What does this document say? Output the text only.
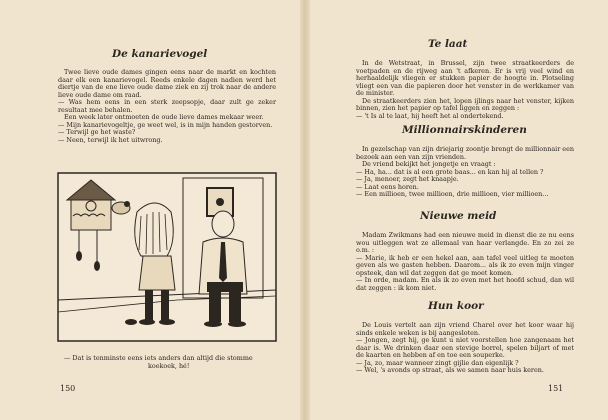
De kanarievogel

Twee lieve oude dames gingen eens naar de markt en kochten daar elk een kanarievogel. Reeds enkele dagen nadien werd het diertje van de ene lieve oude dame ziek en zij trok naar de andere lieve oude dame om raad.

— Was hem eens in een sterk zeepsopje, daar zult ge zeker resultaat mee behalen.

Een week later ontmoeten de oude lieve dames mekaar weer.

— Mijn kanarievogeltje, ge weet wel, is in mijn handen gestorven.

— Terwijl ge het waste?

— Neen, terwijl ik het uitwrong.

— Dat is tenminste eens iets anders dan altijd die stomme
koekoek, hé!
150
Te laat

In de Wetstraat, in Brussel, zijn twee straatkeerders de voetpaden en de rijweg aan 't afkeren. Er is vrij veel wind en herhaaldelijk vliegen er stukken papier de hoogte in. Plotseling vliegt een van die papieren door het venster in de werkkamer van de minister.

De straatkeerders zien het, lopen ijlings naar het venster, kijken binnen, zien het papier op tafel liggen en zeggen :

— 't Is al te laat, hij heeft het al ondertekend.

Millionnairskinderen

In gezelschap van zijn driejarig zoontje brengt de millionnair een bezoek aan een van zijn vrienden.

De vriend bekijkt het jongetje en vraagt :

— Ha, ha... dat is al een grote baas... en kan hij al tellen ?

— Ja, menoer, zegt het knaapje.

— Laat eens horen.

— Een millioen, twee millioen, drie millioen, vier millioen...

Nieuwe meid

Madam Zwikmans had een nieuwe meid in dienst die ze nu eens wou uitleggen wat ze allemaal van haar verlangde. En zo zei ze o.m. :

— Marie, ik heb er een hekel aan, aan tafel veel uitleg te moeten geven als we gasten hebben. Daarom... als ik zo even mijn vinger opsteek, dan wil dat zeggen dat ge moet komen.

— In orde, madam. En als ik zo even met het hoofd schud, dan wil dat zeggen : ik kom niet.

Hun koor

De Louis vertelt aan zijn vriend Charel over het koor waar hij sinds enkele weken is bij aangesloten.

— Jongen, zegt hij, ge kunt u niet voorstellen hoe zangenaam het daar is. We drinken daar een stevige borrel, spelen biljart of met de kaarten en hebben af en toe een souperke.

— Ja, zo, maar wanneer zingt gijlie dan eigenlijk ?

— Wel, 's avonds op straat, als we samen naar huis keren.

151
